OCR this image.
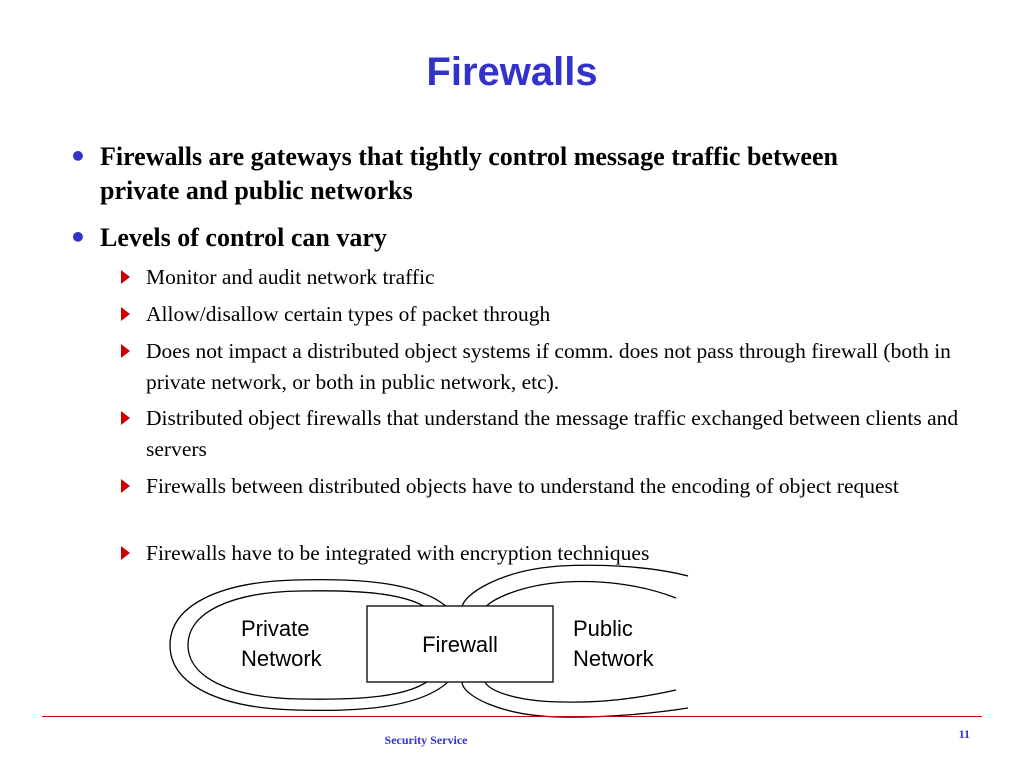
Firewalls
• Firewalls are gateways that tightly control message traffic between private and public networks
• Levels of control can vary
Monitor and audit network traffic
Allow/disallow certain types of packet through
Does not impact a distributed object systems if comm. does not pass through firewall (both in private network, or both in public network, etc).
Distributed object firewalls that understand the message traffic exchanged between clients and servers
Firewalls between distributed objects have to understand the encoding of object request
Firewalls have to be integrated with encryption techniques
Private
Network
Firewall
Public
Network
Security Service	11
